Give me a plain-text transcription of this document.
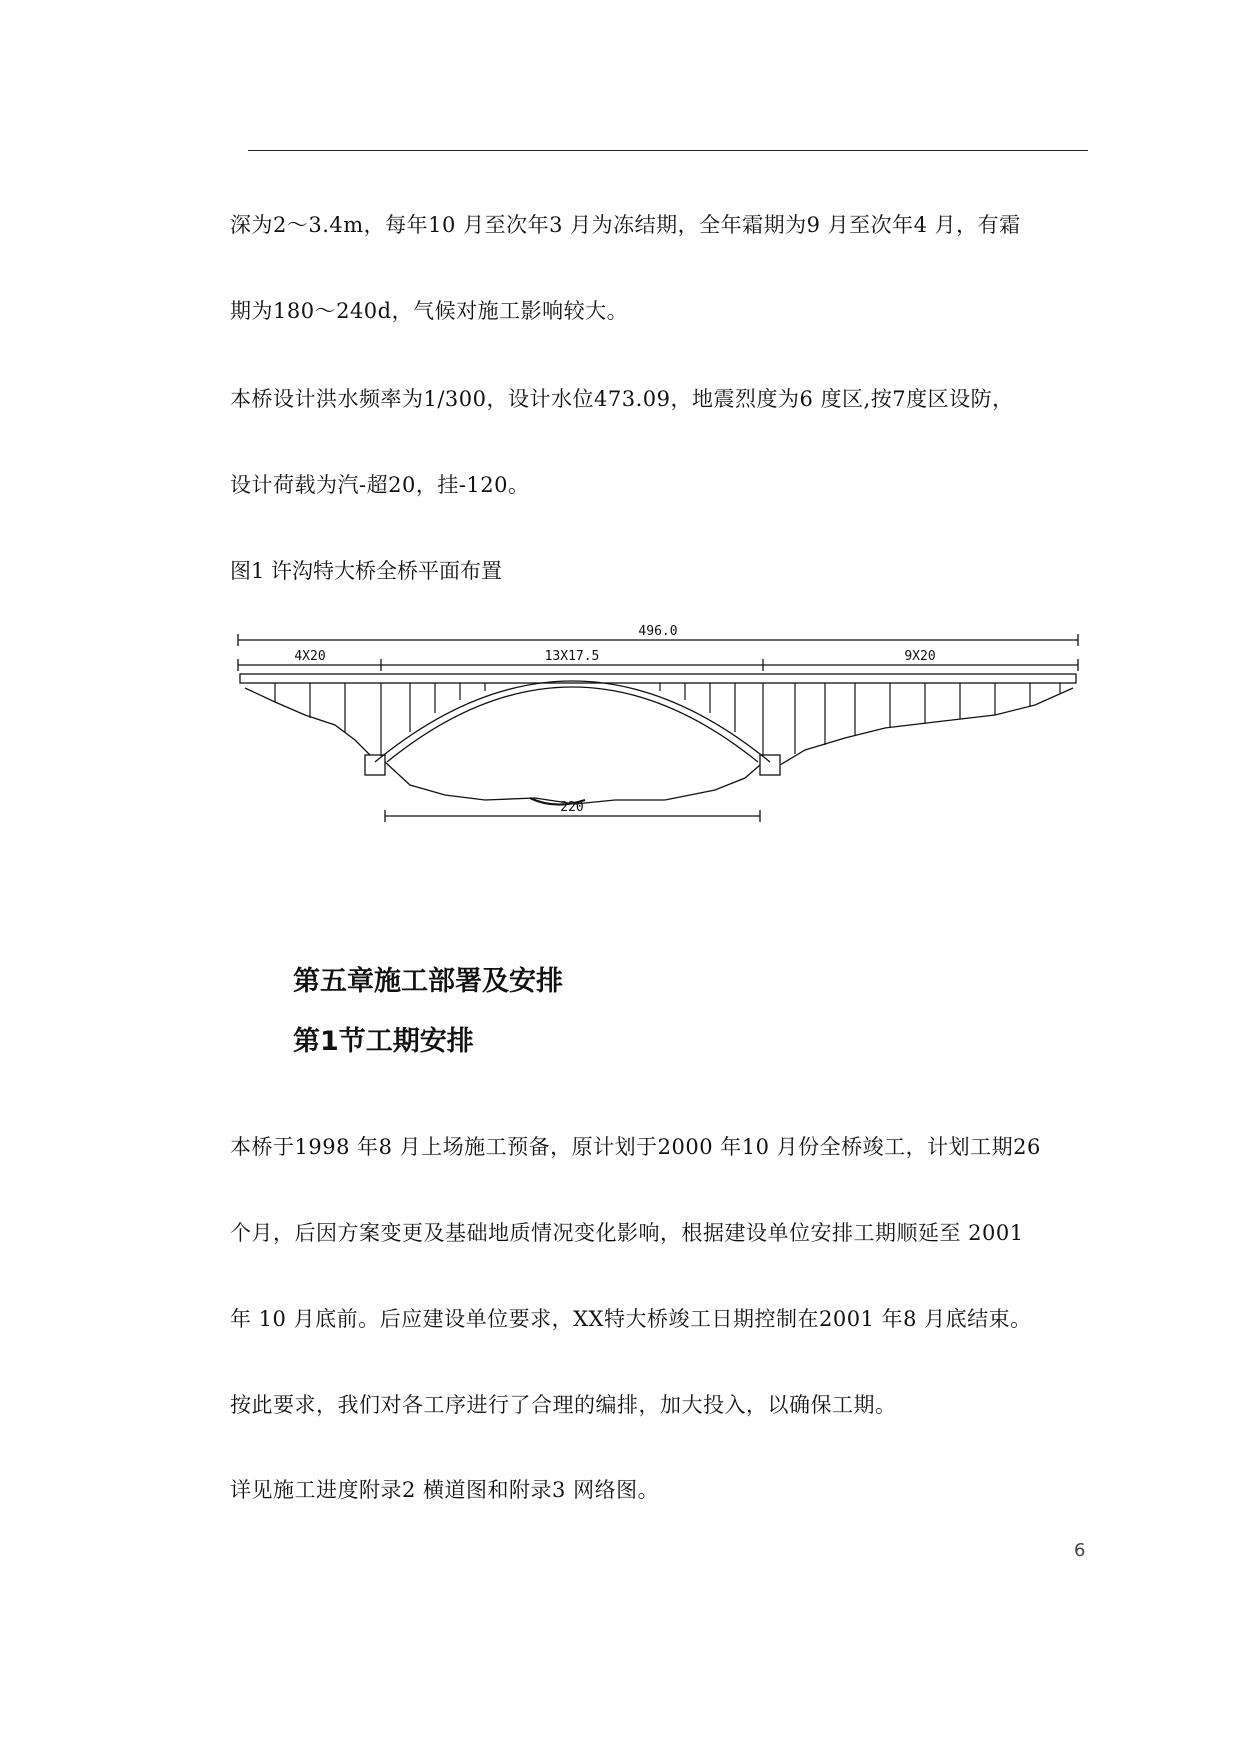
深为2～3.4m，每年10 月至次年3 月为冻结期，全年霜期为9 月至次年4 月，有霜
期为180～240d，气候对施工影响较大。
本桥设计洪水频率为1/300，设计水位473.09，地震烈度为6 度区,按7度区设防，
设计荷载为汽-超20，挂-120。
图1 许沟特大桥全桥平面布置
496.0
4X20	13X17.5	9X20
220
第五章施工部署及安排
第1节工期安排
本桥于1998 年8 月上场施工预备，原计划于2000 年10 月份全桥竣工，计划工期26
个月，后因方案变更及基础地质情况变化影响，根据建设单位安排工期顺延至 2001
年 10 月底前。后应建设单位要求，XX特大桥竣工日期控制在2001 年8 月底结束。
按此要求，我们对各工序进行了合理的编排，加大投入，以确保工期。
详见施工进度附录2 横道图和附录3 网络图。
6
